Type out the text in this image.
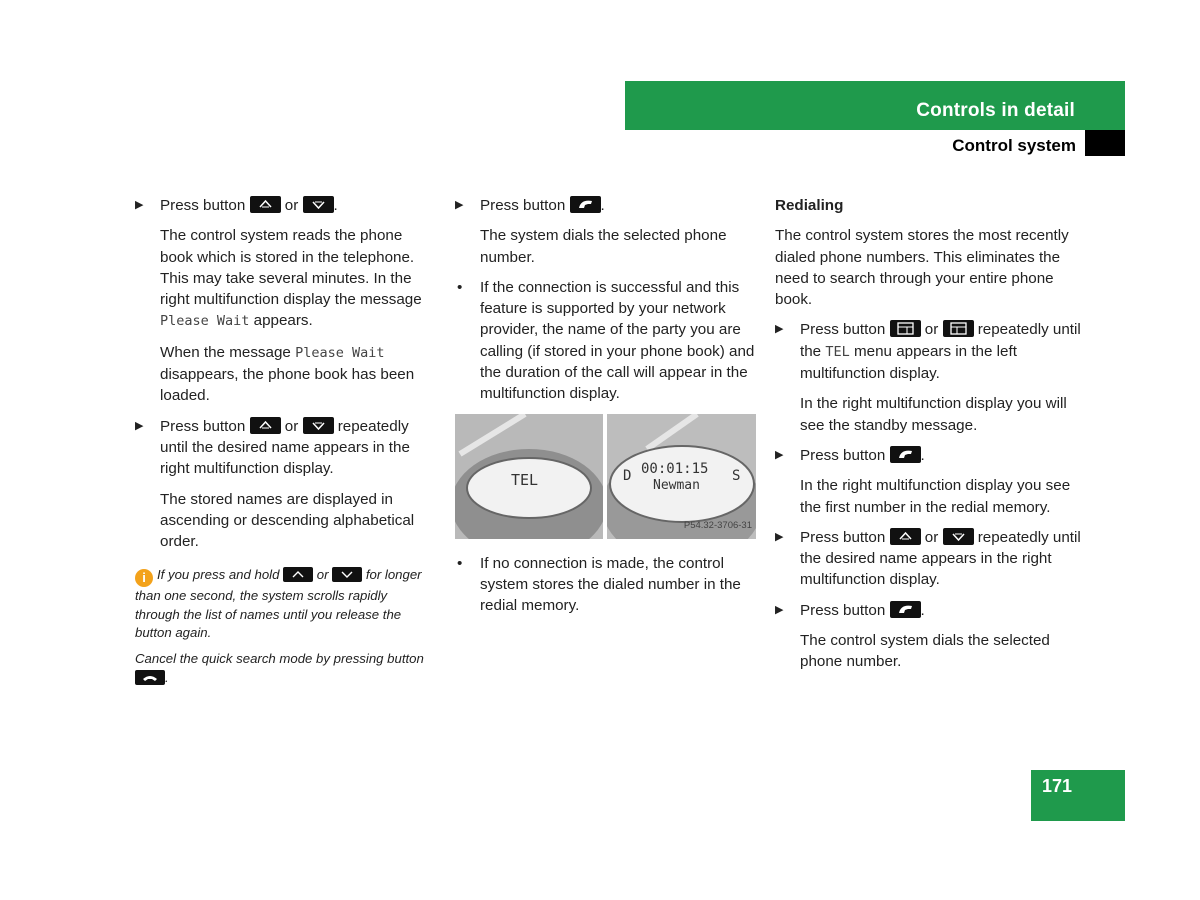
Controls in detail
Control system
▶ Press button	or .
The control system reads the phone book which is stored in the telephone. This may take several minutes. In the right multifunction display the message Please Wait appears.
When the message Please Wait disappears, the phone book has been loaded.
▶ Press button	or	repeatedly until the desired name appears in the right multifunction display.
The stored names are displayed in ascending or descending alphabetical order.
i If you press and hold	or	for longer than one second, the system scrolls rapidly through the list of names until you release the button again.
Cancel the quick search mode by pressing button
.
▶ Press button .
The system dials the selected phone number.
• If the connection is successful and this feature is supported by your network provider, the name of the party you are calling (if stored in your phone book) and the duration of the call will appear in the multifunction display.
TEL
00:01:15
Newman
D	S
P54.32-3706-31
• If no connection is made, the control system stores the dialed number in the redial memory.
Redialing
The control system stores the most recently dialed phone numbers. This eliminates the need to search through your entire phone book.
▶ Press button	or	repeatedly until the TEL menu appears in the left multifunction display.
In the right multifunction display you will see the standby message.
▶ Press button .
In the right multifunction display you see the first number in the redial memory.
▶ Press button	or	repeatedly until the desired name appears in the right multifunction display.
▶ Press button .
The control system dials the selected phone number.
171
